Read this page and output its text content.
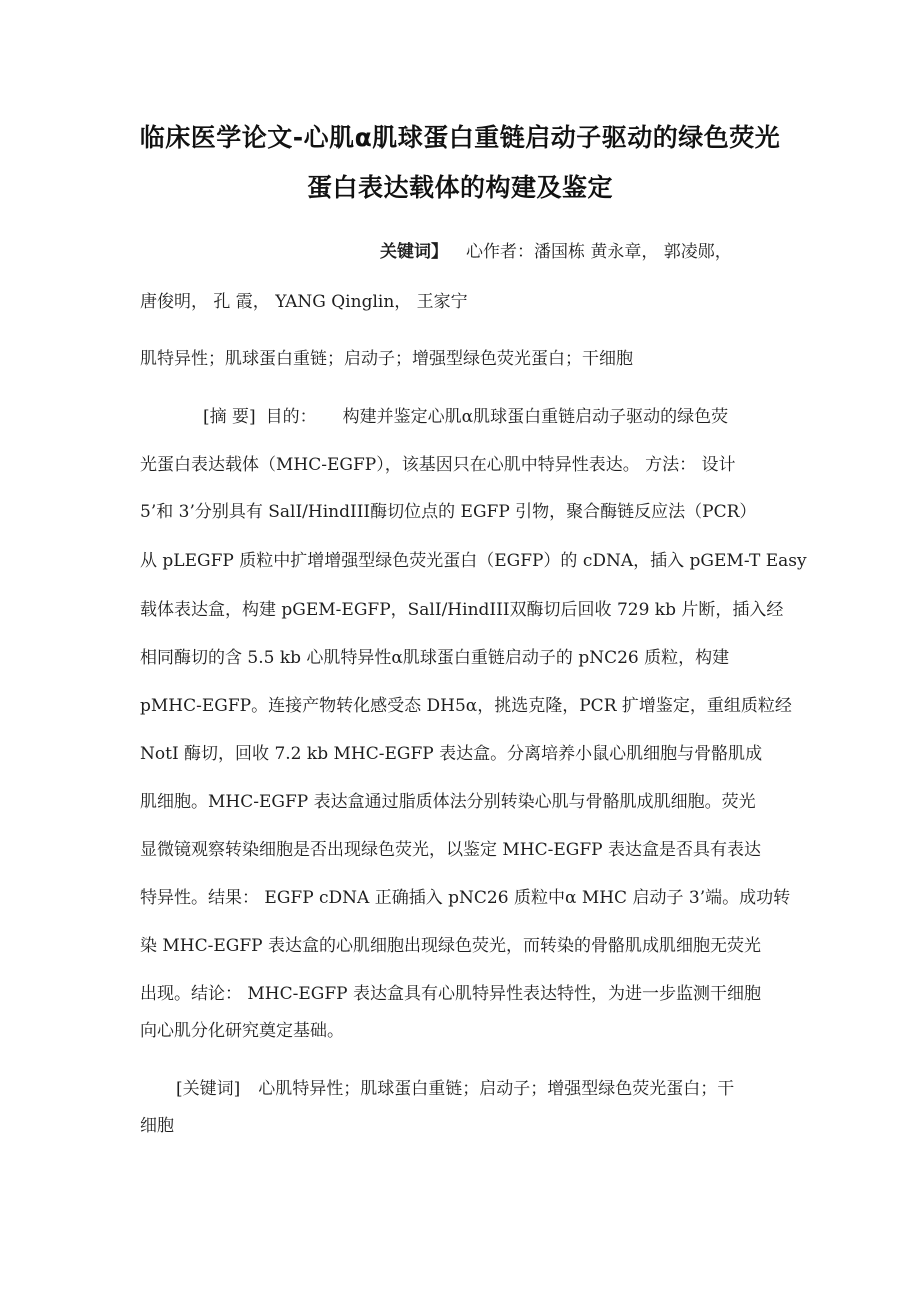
临床医学论文-心肌α肌球蛋白重链启动子驱动的绿色荧光
蛋白表达载体的构建及鉴定
关键词】 心作者：潘国栋 黄永章， 郭凌郧，
唐俊明， 孔 霞， YANG Qinglin， 王家宁
肌特异性；肌球蛋白重链；启动子；增强型绿色荧光蛋白；干细胞
[摘 要] 目的： 构建并鉴定心肌α肌球蛋白重链启动子驱动的绿色荧
光蛋白表达载体（MHC-EGFP），该基因只在心肌中特异性表达。 方法： 设计
5’和 3’分别具有 SalI/HindIII酶切位点的 EGFP 引物，聚合酶链反应法（PCR）
从 pLEGFP 质粒中扩增增强型绿色荧光蛋白（EGFP）的 cDNA，插入 pGEM-T Easy
载体表达盒，构建 pGEM-EGFP，SalI/HindIII双酶切后回收 729 kb 片断，插入经
相同酶切的含 5.5 kb 心肌特异性α肌球蛋白重链启动子的 pNC26 质粒，构建
pMHC-EGFP。连接产物转化感受态 DH5α，挑选克隆，PCR 扩增鉴定，重组质粒经
NotI 酶切，回收 7.2 kb MHC-EGFP 表达盒。分离培养小鼠心肌细胞与骨骼肌成
肌细胞。MHC-EGFP 表达盒通过脂质体法分别转染心肌与骨骼肌成肌细胞。荧光
显微镜观察转染细胞是否出现绿色荧光，以鉴定 MHC-EGFP 表达盒是否具有表达
特异性。结果： EGFP cDNA 正确插入 pNC26 质粒中α MHC 启动子 3’端。成功转
染 MHC-EGFP 表达盒的心肌细胞出现绿色荧光，而转染的骨骼肌成肌细胞无荧光
出现。结论： MHC-EGFP 表达盒具有心肌特异性表达特性，为进一步监测干细胞
向心肌分化研究奠定基础。
[关键词] 心肌特异性；肌球蛋白重链；启动子；增强型绿色荧光蛋白；干
细胞
